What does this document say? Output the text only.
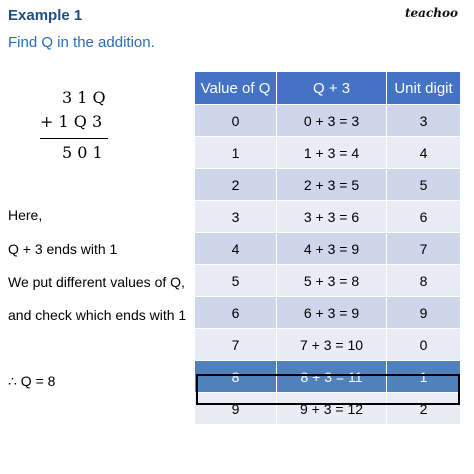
Example 1
Find Q in the addition.
teachoo
3 1 Q
+ 1 Q 3
5 0 1
Here,
Q + 3 ends with 1
We put different values of Q,
and check which ends with 1
∴ Q = 8
Value of Q	Q + 3	Unit digit
0	0 + 3 = 3	3
1	1 + 3 = 4	4
2	2 + 3 = 5	5
3	3 + 3 = 6	6
4	4 + 3 = 9	7
5	5 + 3 = 8	8
6	6 + 3 = 9	9
7	7 + 3 = 10	0
8	8 + 3 = 11	1
9	9 + 3 = 12	2
